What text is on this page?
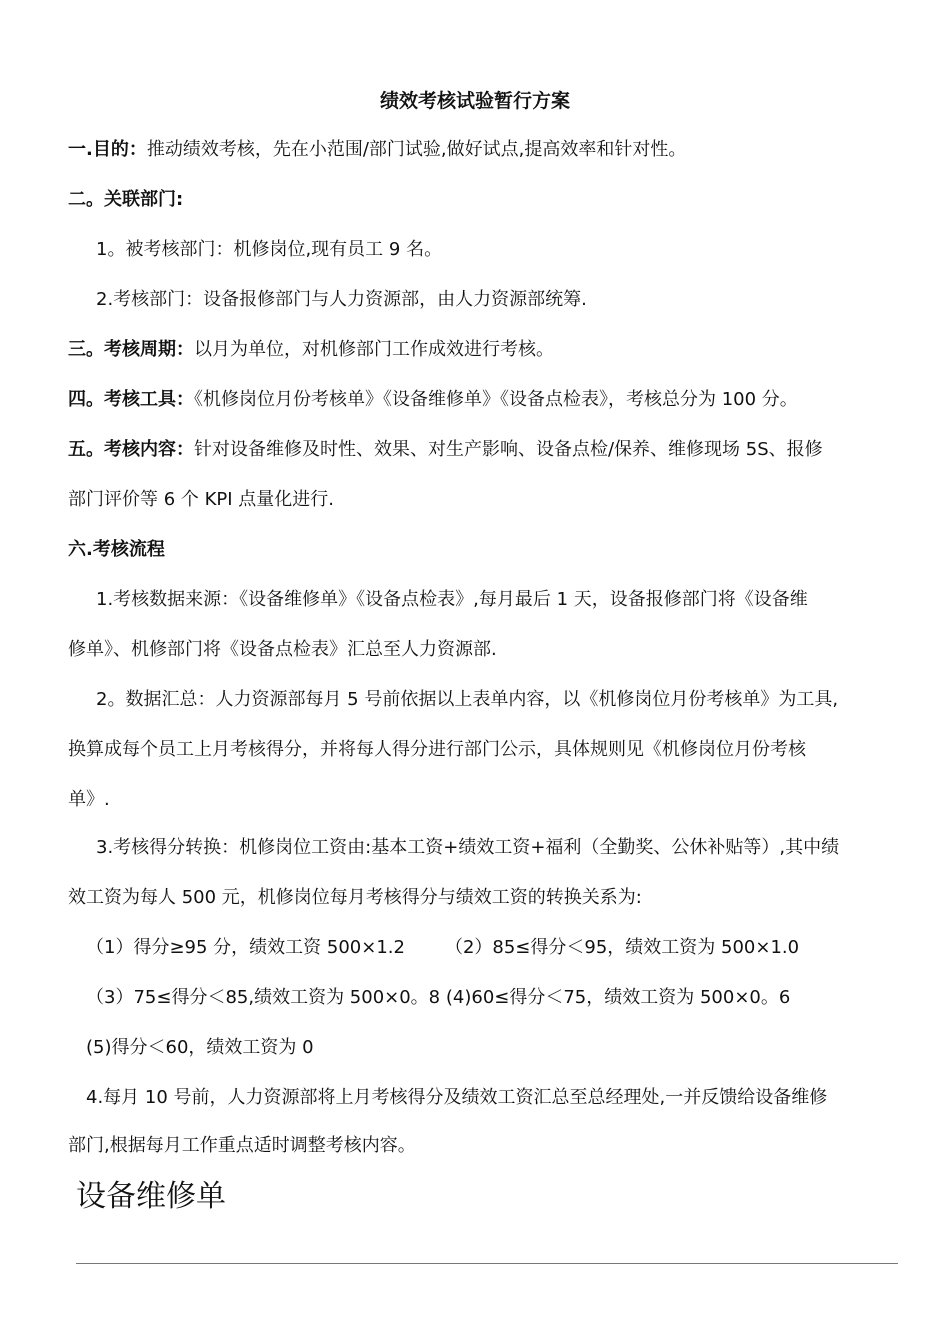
绩效考核试验暂行方案
一.目的：推动绩效考核，先在小范围/部门试验,做好试点,提高效率和针对性。
二。关联部门:
1。被考核部门：机修岗位,现有员工 9 名。
2.考核部门：设备报修部门与人力资源部，由人力资源部统筹.
三。考核周期：以月为单位，对机修部门工作成效进行考核。
四。考核工具：《机修岗位月份考核单》《设备维修单》《设备点检表》，考核总分为 100 分。
五。考核内容：针对设备维修及时性、效果、对生产影响、设备点检/保养、维修现场 5S、报修
部门评价等 6 个 KPI 点量化进行.
六.考核流程
1.考核数据来源：《设备维修单》《设备点检表》,每月最后 1 天，设备报修部门将《设备维
修单》、机修部门将《设备点检表》汇总至人力资源部.
2。数据汇总：人力资源部每月 5 号前依据以上表单内容，以《机修岗位月份考核单》为工具,
换算成每个员工上月考核得分，并将每人得分进行部门公示，具体规则见《机修岗位月份考核
单》.
3.考核得分转换：机修岗位工资由:基本工资+绩效工资+福利（全勤奖、公休补贴等）,其中绩
效工资为每人 500 元，机修岗位每月考核得分与绩效工资的转换关系为:
（1）得分≥95 分，绩效工资 500×1.2 （2）85≤得分＜95，绩效工资为 500×1.0
（3）75≤得分＜85,绩效工资为 500×0。8 (4)60≤得分＜75，绩效工资为 500×0。6
(5)得分＜60，绩效工资为 0
4.每月 10 号前，人力资源部将上月考核得分及绩效工资汇总至总经理处,一并反馈给设备维修
部门,根据每月工作重点适时调整考核内容。
设备维修单
